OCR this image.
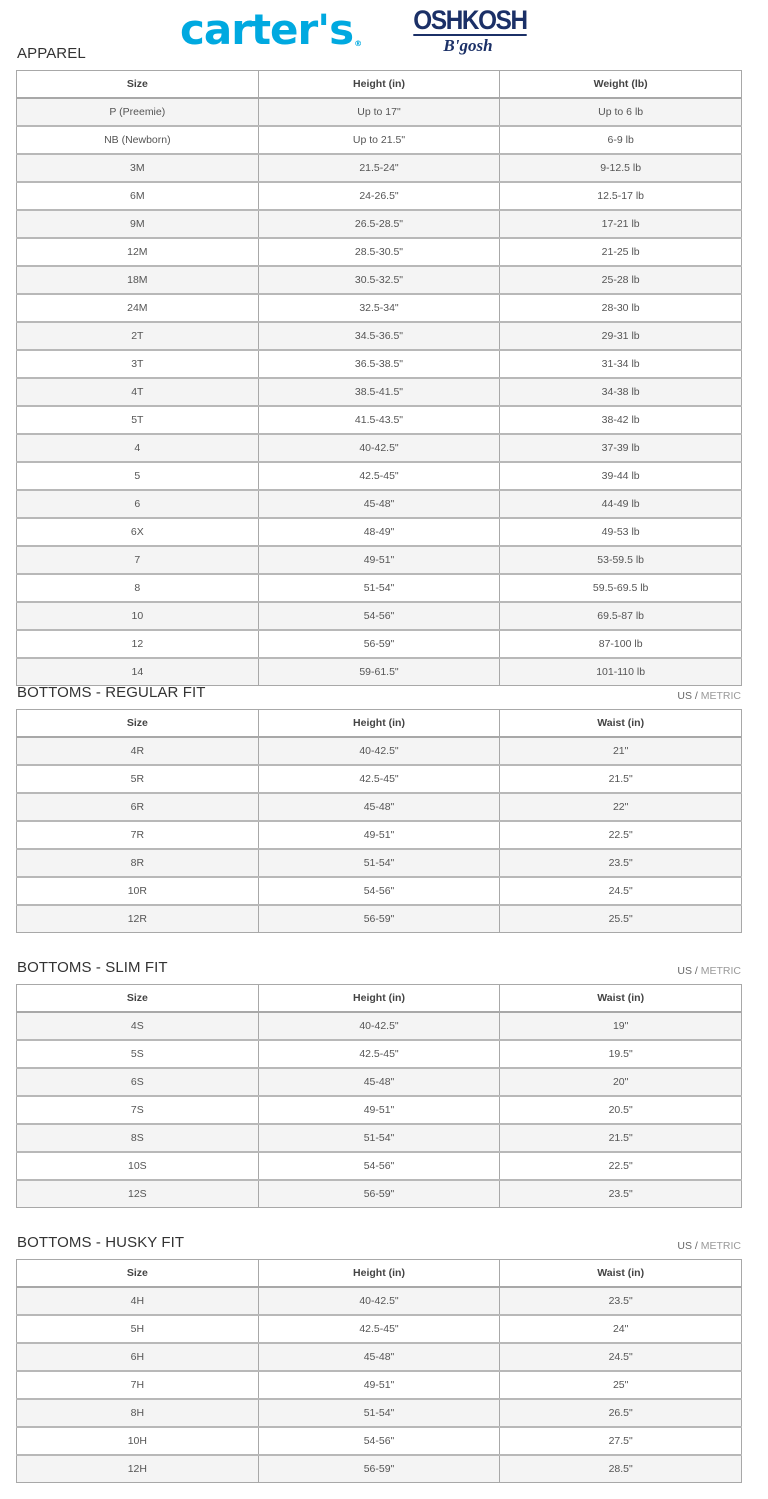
carter's®
OSHKOSH
B'gosh
APPAREL
Size	Height (in)	Weight (lb)
P (Preemie)	Up to 17"	Up to 6 lb
NB (Newborn)	Up to 21.5"	6-9 lb
3M	21.5-24"	9-12.5 lb
6M	24-26.5"	12.5-17 lb
9M	26.5-28.5"	17-21 lb
12M	28.5-30.5"	21-25 lb
18M	30.5-32.5"	25-28 lb
24M	32.5-34"	28-30 lb
2T	34.5-36.5"	29-31 lb
3T	36.5-38.5"	31-34 lb
4T	38.5-41.5"	34-38 lb
5T	41.5-43.5"	38-42 lb
4	40-42.5"	37-39 lb
5	42.5-45"	39-44 lb
6	45-48"	44-49 lb
6X	48-49"	49-53 lb
7	49-51"	53-59.5 lb
8	51-54"	59.5-69.5 lb
10	54-56"	69.5-87 lb
12	56-59"	87-100 lb
14	59-61.5"	101-110 lb
BOTTOMS - REGULAR FIT	US / METRIC
Size	Height (in)	Waist (in)
4R	40-42.5"	21"
5R	42.5-45"	21.5"
6R	45-48"	22"
7R	49-51"	22.5"
8R	51-54"	23.5"
10R	54-56"	24.5"
12R	56-59"	25.5"
BOTTOMS - SLIM FIT	US / METRIC
Size	Height (in)	Waist (in)
4S	40-42.5"	19"
5S	42.5-45"	19.5"
6S	45-48"	20"
7S	49-51"	20.5"
8S	51-54"	21.5"
10S	54-56"	22.5"
12S	56-59"	23.5"
BOTTOMS - HUSKY FIT	US / METRIC
Size	Height (in)	Waist (in)
4H	40-42.5"	23.5"
5H	42.5-45"	24"
6H	45-48"	24.5"
7H	49-51"	25"
8H	51-54"	26.5"
10H	54-56"	27.5"
12H	56-59"	28.5"
